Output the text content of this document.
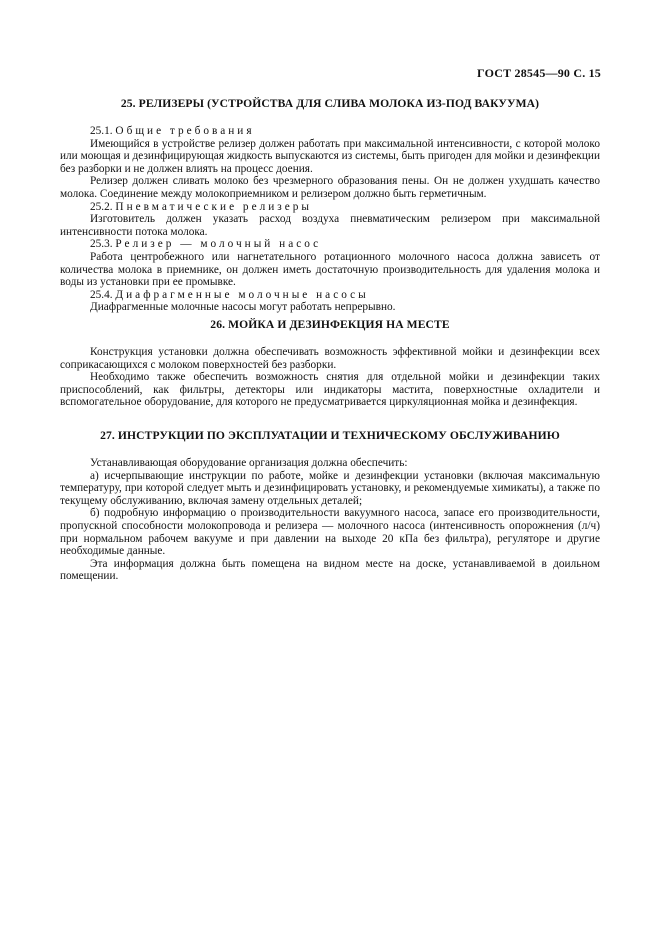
ГОСТ 28545—90 С. 15
25. РЕЛИЗЕРЫ (УСТРОЙСТВА ДЛЯ СЛИВА МОЛОКА ИЗ-ПОД ВАКУУМА)
25.1. Общие требования

Имеющийся в устройстве релизер должен работать при максимальной интенсивности, с которой молоко или моющая и дезинфицирующая жидкость выпускаются из системы, быть пригоден для мойки и дезинфекции без разборки и не должен влиять на процесс доения.

Релизер должен сливать молоко без чрезмерного образования пены. Он не должен ухудшать качество молока. Соединение между молокоприемником и релизером должно быть герметичным.

25.2. Пневматические релизеры

Изготовитель должен указать расход воздуха пневматическим релизером при максимальной интенсивности потока молока.

25.3. Релизер — молочный насос

Работа центробежного или нагнетательного ротационного молочного насоса должна зависеть от количества молока в приемнике, он должен иметь достаточную производительность для удаления молока и воды из установки при ее промывке.

25.4. Диафрагменные молочные насосы

Диафрагменные молочные насосы могут работать непрерывно.

26. МОЙКА И ДЕЗИНФЕКЦИЯ НА МЕСТЕ

Конструкция установки должна обеспечивать возможность эффективной мойки и дезинфекции всех соприкасающихся с молоком поверхностей без разборки.

Необходимо также обеспечить возможность снятия для отдельной мойки и дезинфекции таких приспособлений, как фильтры, детекторы или индикаторы мастита, поверхностные охладители и вспомогательное оборудование, для которого не предусматривается циркуляционная мойка и дезинфекция.

27. ИНСТРУКЦИИ ПО ЭКСПЛУАТАЦИИ И ТЕХНИЧЕСКОМУ ОБСЛУЖИВАНИЮ

Устанавливающая оборудование организация должна обеспечить:

а) исчерпывающие инструкции по работе, мойке и дезинфекции установки (включая максимальную температуру, при которой следует мыть и дезинфицировать установку, и рекомендуемые химикаты), а также по текущему обслуживанию, включая замену отдельных деталей;

б) подробную информацию о производительности вакуумного насоса, запасе его производительности, пропускной способности молокопровода и релизера — молочного насоса (интенсивность опорожнения (л/ч) при нормальном рабочем вакууме и при давлении на выходе 20 кПа без фильтра), регуляторе и другие необходимые данные.

Эта информация должна быть помещена на видном месте на доске, устанавливаемой в доильном помещении.
